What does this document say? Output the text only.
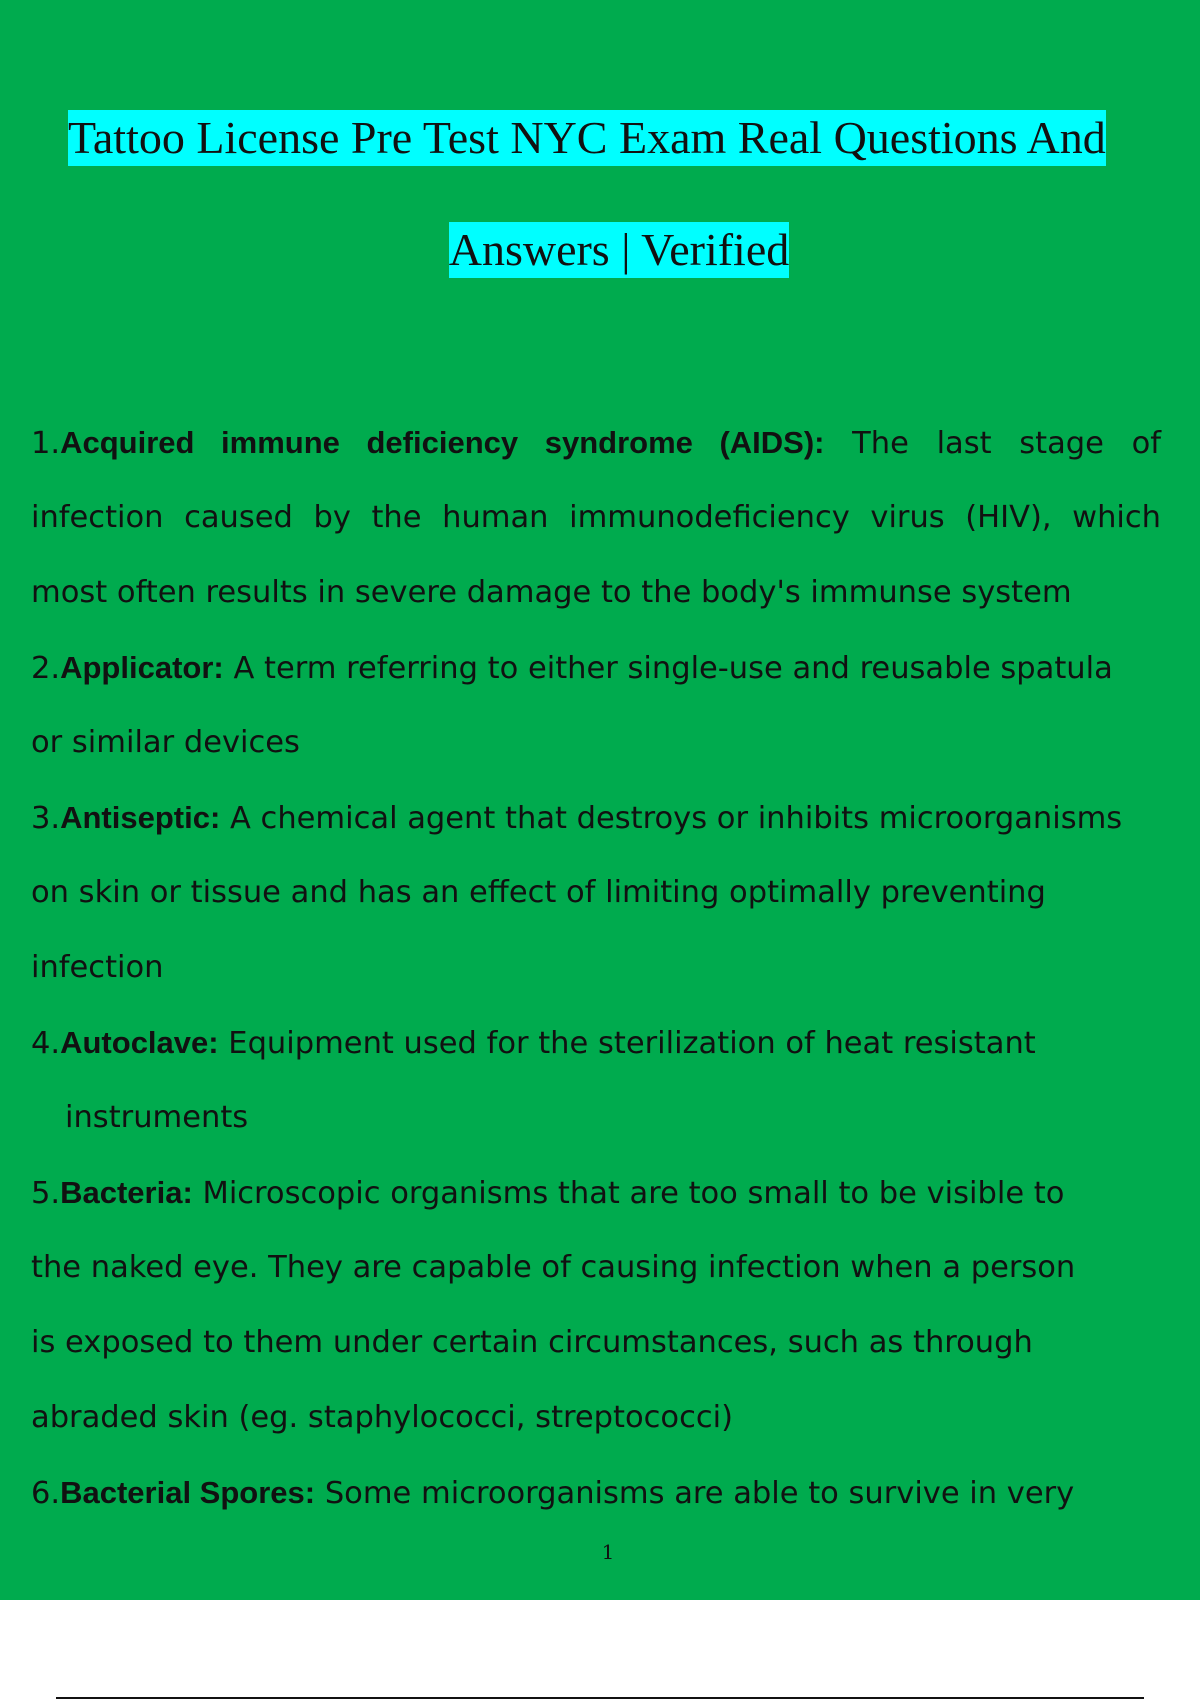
Tattoo License Pre Test NYC Exam Real Questions And
Answers | Verified
1.Acquired immune deficiency syndrome (AIDS): The last stage of
infection caused by the human immunodeficiency virus (HIV), which
most often results in severe damage to the body's immunse system
2.Applicator: A term referring to either single-use and reusable spatula
or similar devices
3.Antiseptic: A chemical agent that destroys or inhibits microorganisms
on skin or tissue and has an effect of limiting optimally preventing
infection
4.Autoclave: Equipment used for the sterilization of heat resistant
instruments
5.Bacteria: Microscopic organisms that are too small to be visible to
the naked eye. They are capable of causing infection when a person
is exposed to them under certain circumstances, such as through
abraded skin (eg. staphylococci, streptococci)
6.Bacterial Spores: Some microorganisms are able to survive in very
1
